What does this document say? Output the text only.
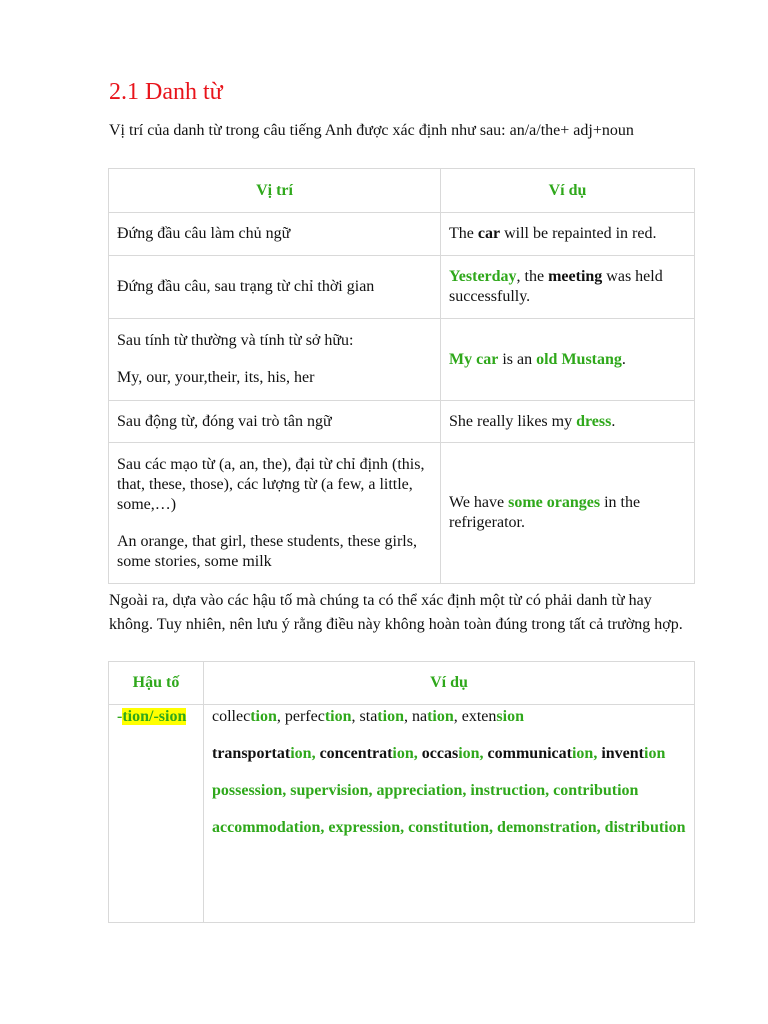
2.1 Danh từ

Vị trí của danh từ trong câu tiếng Anh được xác định như sau: an/a/the+ adj+noun

Vị trí	Ví dụ

Đứng đầu câu làm chủ ngữ	The car will be repainted in red.

Đứng đầu câu, sau trạng từ chỉ thời gian	Yesterday, the meeting was held successfully.

Sau tính từ thường và tính từ sở hữu:

My, our, your,their, its, his, her	My car is an old Mustang.

Sau động từ, đóng vai trò tân ngữ	She really likes my dress.

Sau các mạo từ (a, an, the), đại từ chỉ định (this, that, these, those), các lượng từ (a few, a little, some,…)

An orange, that girl, these students, these girls, some stories, some milk	We have some oranges in the refrigerator.

Ngoài ra, dựa vào các hậu tố mà chúng ta có thể xác định một từ có phải danh từ hay không. Tuy nhiên, nên lưu ý rằng điều này không hoàn toàn đúng trong tất cả trường hợp.

Hậu tố	Ví dụ
-tion/-sion	collection, perfection, station, nation, extension

transportation, concentration, occasion, communication, invention

possession, supervision, appreciation, instruction, contribution

accommodation, expression, constitution, demonstration, distribution
